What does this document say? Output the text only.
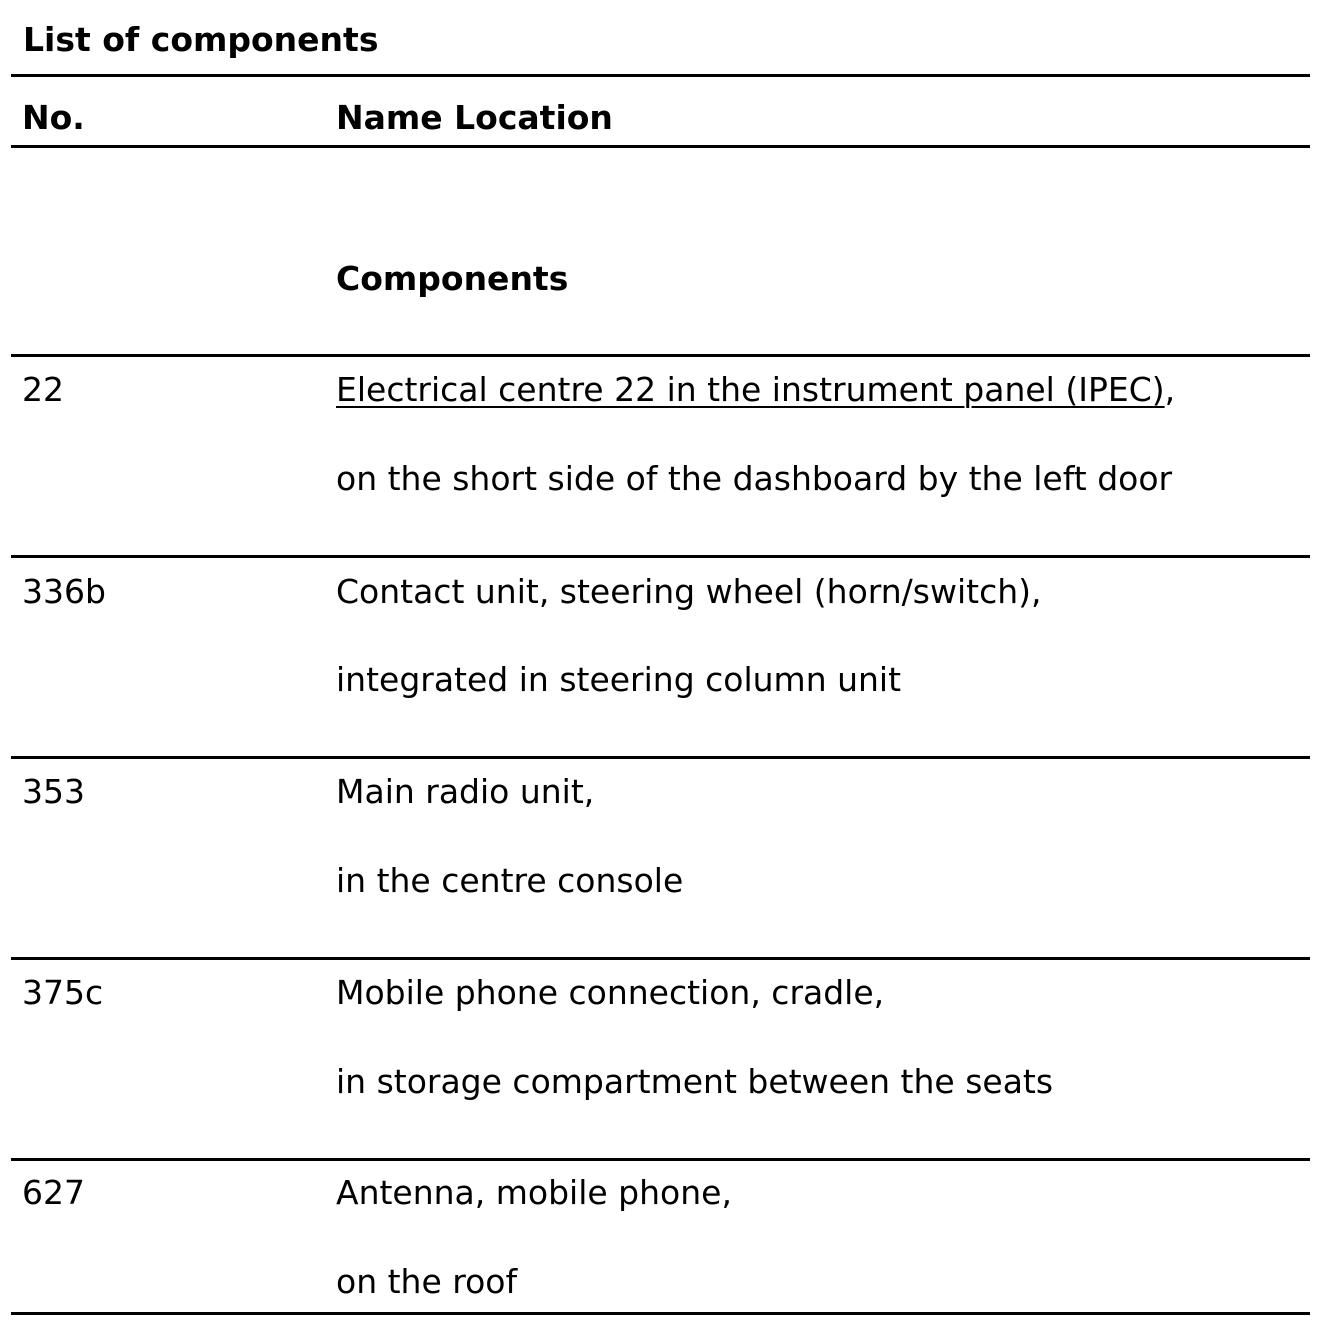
List of components
No.	Name Location
Components
22	Electrical centre 22 in the instrument panel (IPEC),
on the short side of the dashboard by the left door
336b	Contact unit, steering wheel (horn/switch),
integrated in steering column unit
353	Main radio unit,
in the centre console
375c	Mobile phone connection, cradle,
in storage compartment between the seats
627	Antenna, mobile phone,
on the roof
